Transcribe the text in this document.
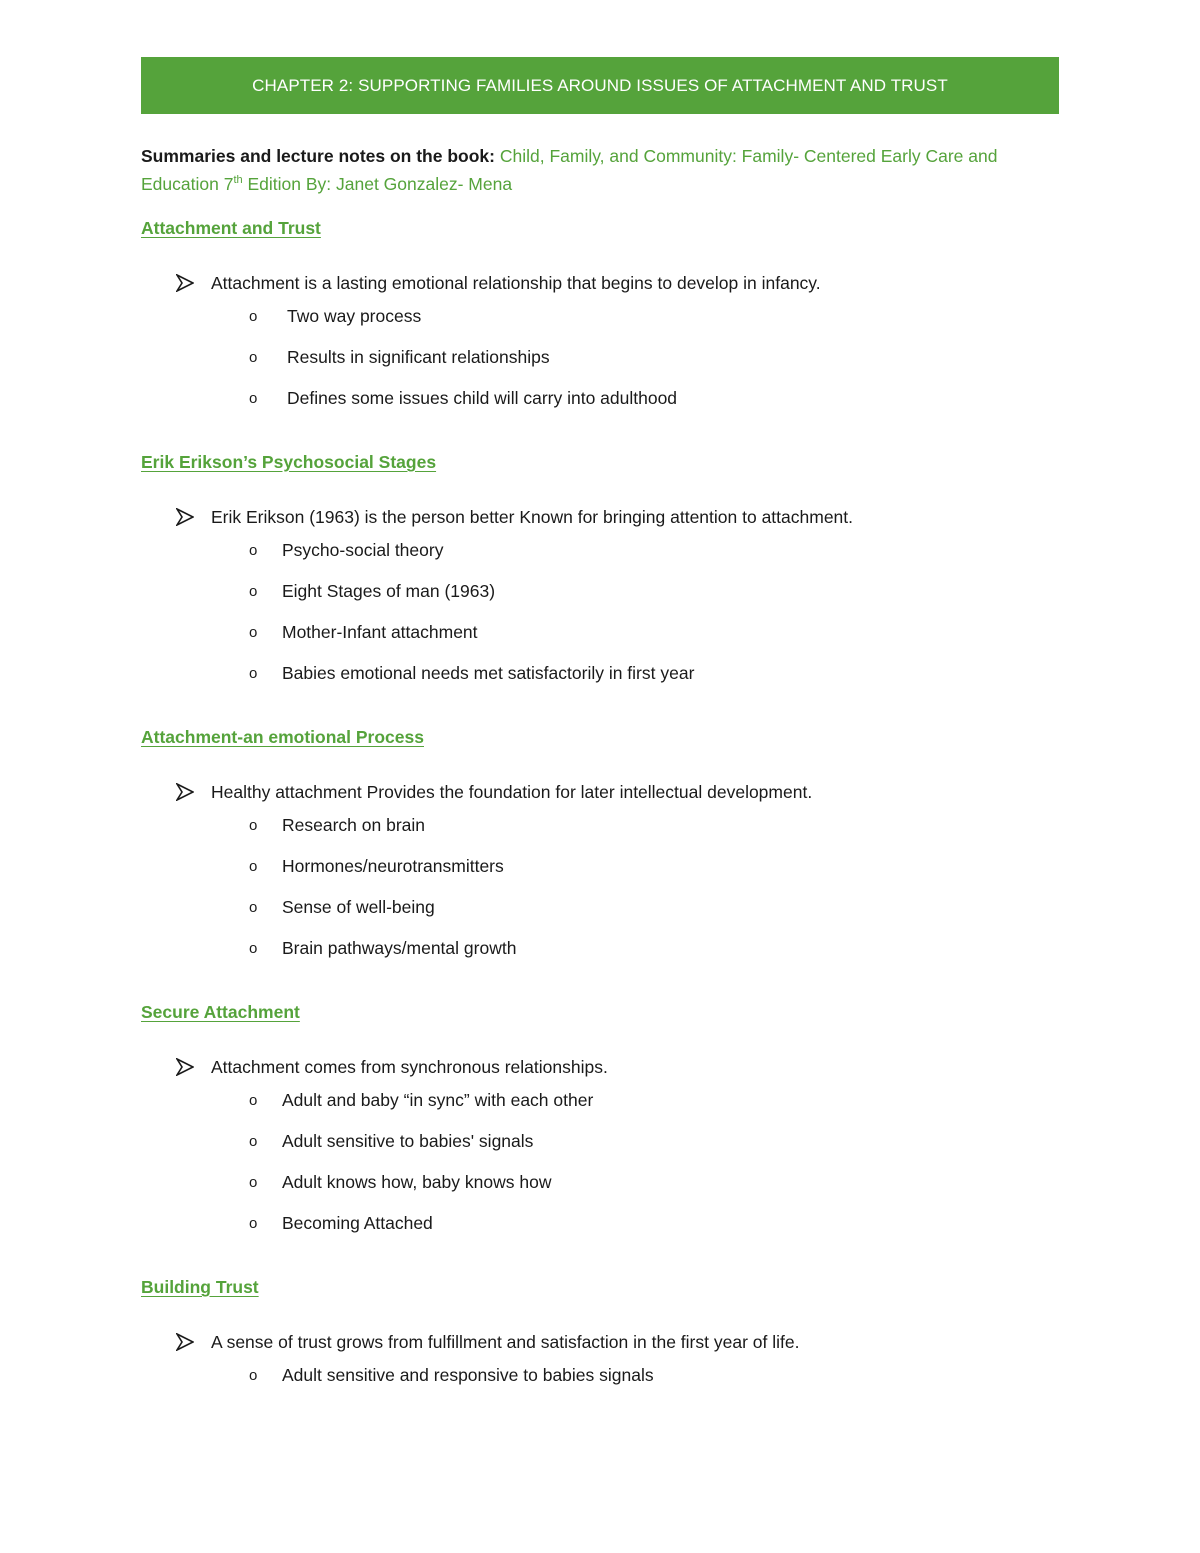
CHAPTER 2: SUPPORTING FAMILIES AROUND ISSUES OF ATTACHMENT AND TRUST
Summaries and lecture notes on the book: Child, Family, and Community: Family- Centered Early Care and Education 7th Edition By: Janet Gonzalez- Mena
Attachment and Trust
Attachment is a lasting emotional relationship that begins to develop in infancy.
o Two way process
o Results in significant relationships
o Defines some issues child will carry into adulthood
Erik Erikson’s Psychosocial Stages
Erik Erikson (1963) is the person better Known for bringing attention to attachment.
o Psycho-social theory
o Eight Stages of man (1963)
o Mother-Infant attachment
o Babies emotional needs met satisfactorily in first year
Attachment-an emotional Process
Healthy attachment Provides the foundation for later intellectual development.
o Research on brain
o Hormones/neurotransmitters
o Sense of well-being
o Brain pathways/mental growth
Secure Attachment
Attachment comes from synchronous relationships.
o Adult and baby “in sync” with each other
o Adult sensitive to babies' signals
o Adult knows how, baby knows how
o Becoming Attached
Building Trust
A sense of trust grows from fulfillment and satisfaction in the first year of life.
o Adult sensitive and responsive to babies signals
